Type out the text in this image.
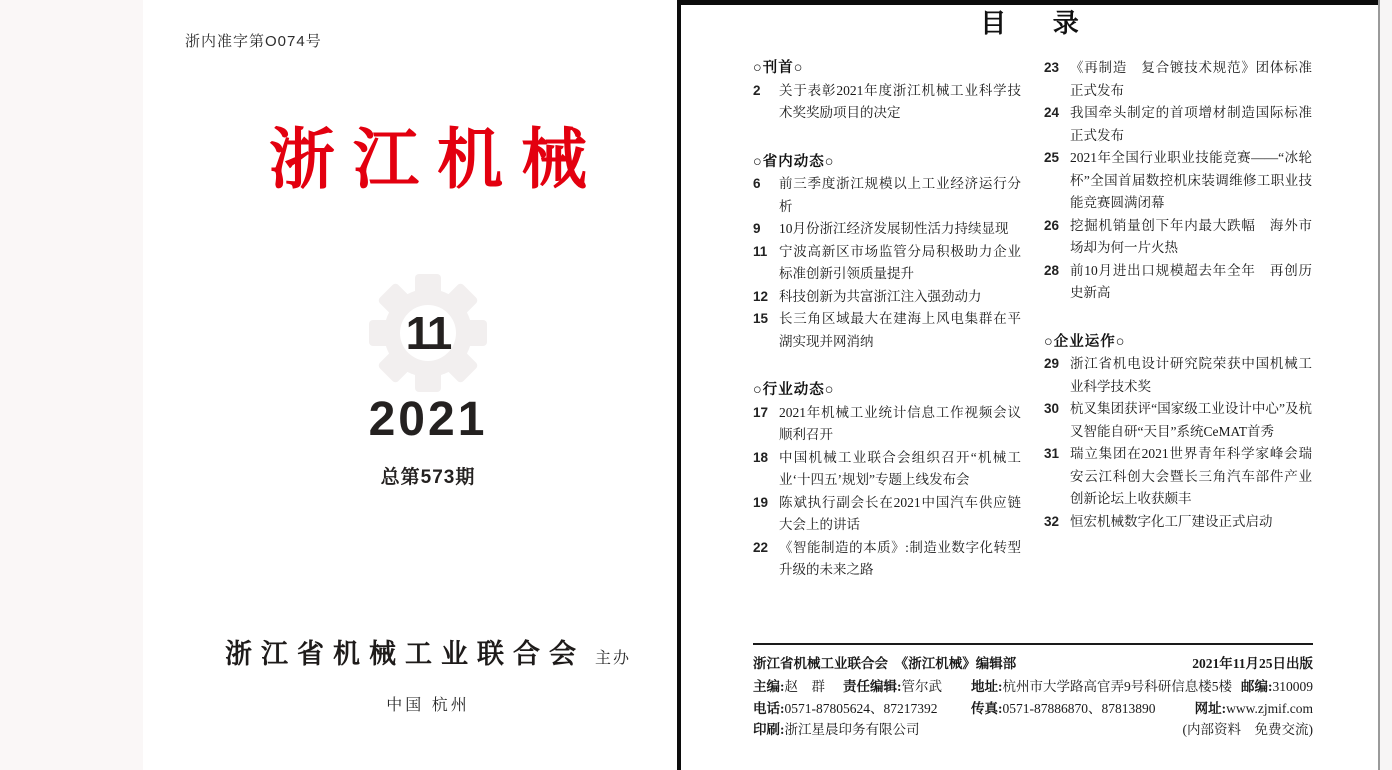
浙内准字第O074号
浙江机械
11
2021
总第573期
浙江省机械工业联合会 主办
中国 杭州
目 录
○刊首○
2	关于表彰2021年度浙江机械工业科学技术奖奖励项目的决定
○省内动态○
6	前三季度浙江规模以上工业经济运行分析
9	10月份浙江经济发展韧性活力持续显现
11 宁波高新区市场监管分局积极助力企业标准创新引领质量提升
12 科技创新为共富浙江注入强劲动力
15 长三角区域最大在建海上风电集群在平湖实现并网消纳
○行业动态○
17 2021年机械工业统计信息工作视频会议顺利召开
18 中国机械工业联合会组织召开“机械工业‘十四五’规划”专题上线发布会
19 陈斌执行副会长在2021中国汽车供应链大会上的讲话
22 《智能制造的本质》:制造业数字化转型升级的未来之路
23 《再制造　复合镀技术规范》团体标准正式发布
24 我国牵头制定的首项增材制造国际标准正式发布
25 2021年全国行业职业技能竞赛——“冰轮杯”全国首届数控机床装调维修工职业技能竞赛圆满闭幕
26 挖掘机销量创下年内最大跌幅　海外市场却为何一片火热
28 前10月进出口规模超去年全年　再创历史新高
○企业运作○
29 浙江省机电设计研究院荣获中国机械工业科学技术奖
30 杭叉集团获评“国家级工业设计中心”及杭叉智能自研“天目”系统CeMAT首秀
31 瑞立集团在2021世界青年科学家峰会瑞安云江科创大会暨长三角汽车部件产业创新论坛上收获颇丰
32 恒宏机械数字化工厂建设正式启动
浙江省机械工业联合会　《浙江机械》编辑部	2021年11月25日出版
主编:赵　群 责任编辑:管尔武	地址:杭州市大学路高官弄9号科研信息楼5楼 邮编:310009
电话:0571-87805624、87217392	传真:0571-87886870、87813890	网址:www.zjmif.com
印刷:浙江星晨印务有限公司	(内部资料　免费交流)
